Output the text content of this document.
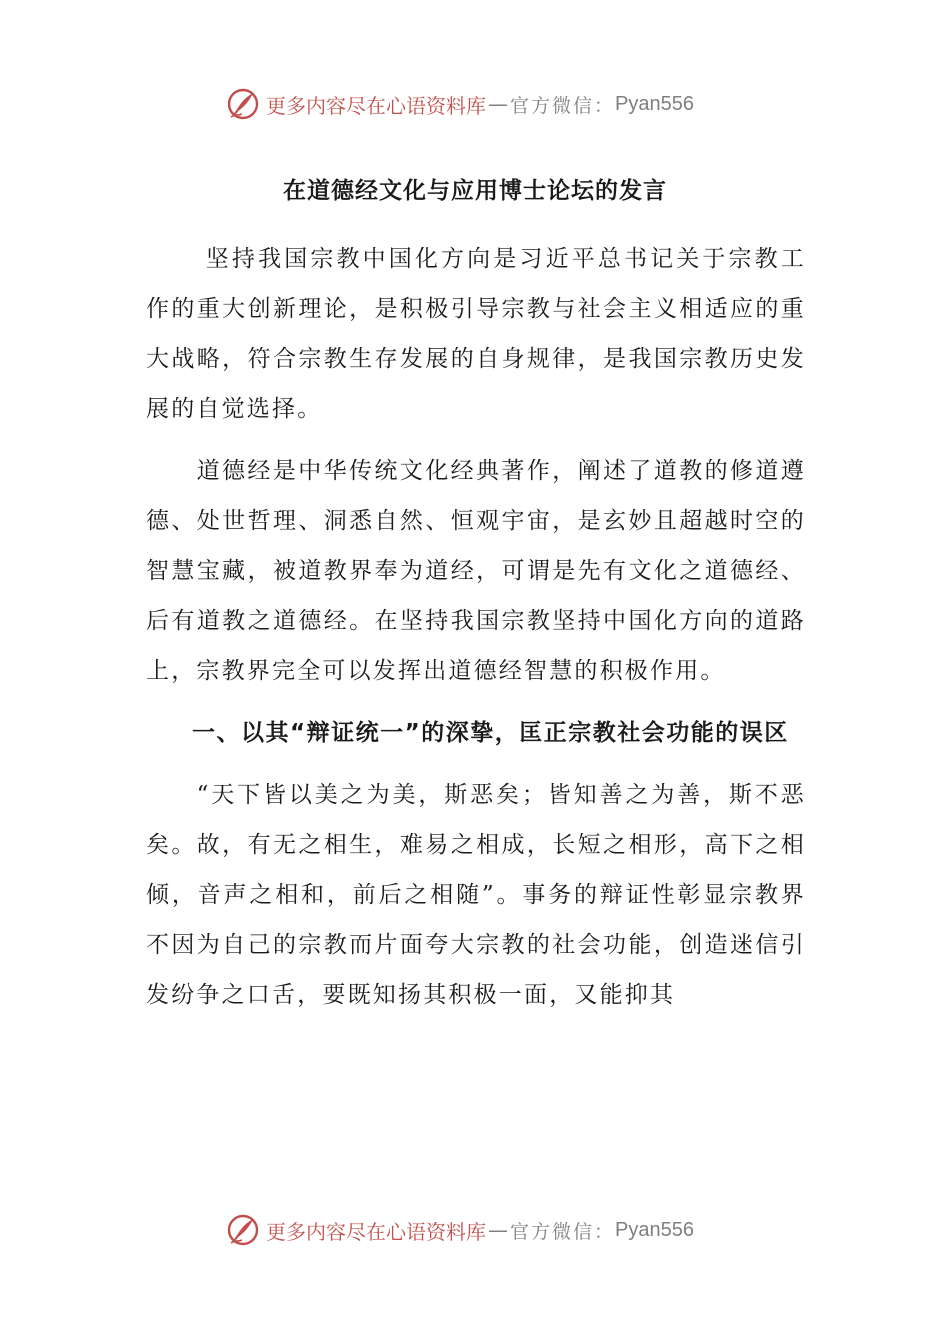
更多内容尽在心语资料库 — 官方微信： Pyan556
在道德经文化与应用博士论坛的发言

坚持我国宗教中国化方向是习近平总书记关于宗教工作的重大创新理论，是积极引导宗教与社会主义相适应的重大战略，符合宗教生存发展的自身规律，是我国宗教历史发展的自觉选择。

道德经是中华传统文化经典著作，阐述了道教的修道遵德、处世哲理、洞悉自然、恒观宇宙，是玄妙且超越时空的智慧宝藏，被道教界奉为道经，可谓是先有文化之道德经、后有道教之道德经。在坚持我国宗教坚持中国化方向的道路上，宗教界完全可以发挥出道德经智慧的积极作用。

一、以其“辩证统一”的深挚，匡正宗教社会功能的误区

“天下皆以美之为美，斯恶矣；皆知善之为善，斯不恶矣。故，有无之相生，难易之相成，长短之相形，高下之相倾，音声之相和，前后之相随”。事务的辩证性彰显宗教界不因为自己的宗教而片面夸大宗教的社会功能，创造迷信引发纷争之口舌，要既知扬其积极一面，又能抑其

更多内容尽在心语资料库 — 官方微信： Pyan556
